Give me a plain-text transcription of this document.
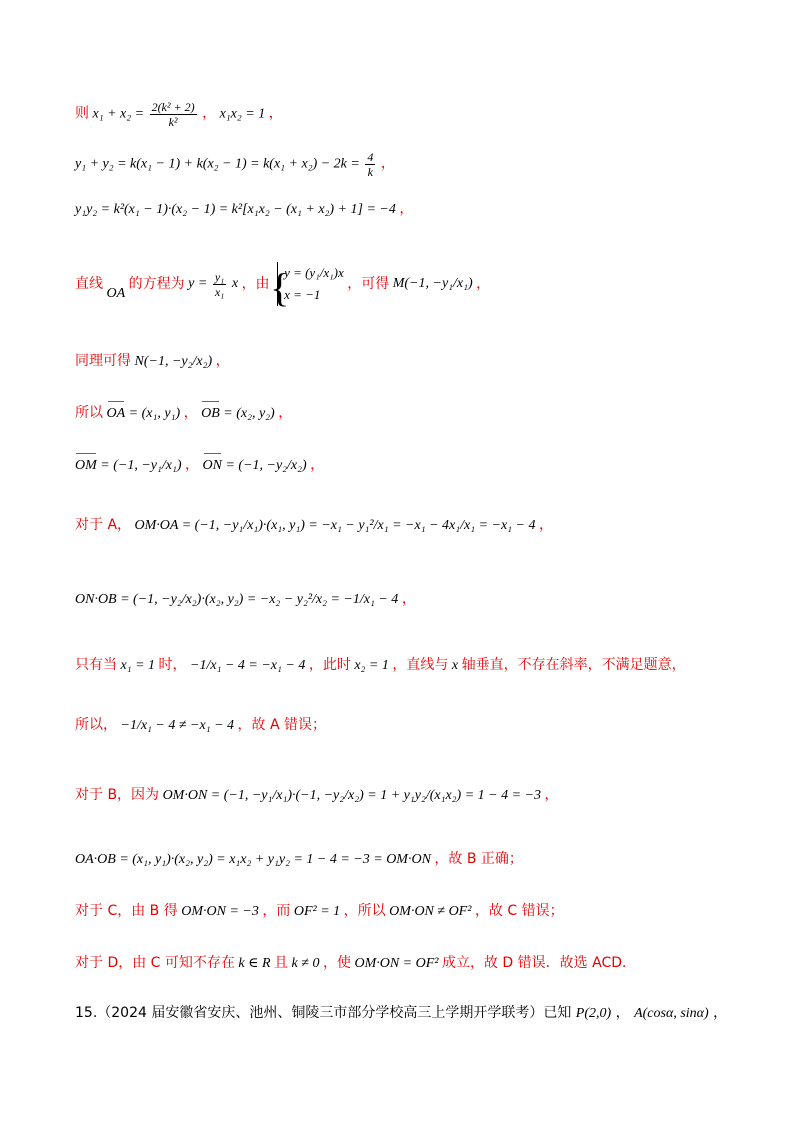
则 $x_1 + x_2 = \frac{\text{2(k² + 2)}}{\text{k²}}$ ， x₁x₂ = 1 ，
$y_1 + y_2 = k(x_1 - 1) + k(x_2 - 1) = k(x_1 + x_2) - 2k = \frac{4}{k}$ ，
y₁y₂ = k²(x₁ − 1)·(x₂ − 1) = k²[x₁x₂ − (x₁ + x₂) + 1] = −4 ，
直线 OA 的方程为 $y = \frac{\text{y₁}}{\text{x₁}}$ x ，由
{ y = (y₁/x₁)x
x = −1
，可得 M(−1, −y₁/x₁) ，
同理可得 N(−1, −y₂/x₂) ，
所以 OA = (x₁, y₁) ， OB = (x₂, y₂) ，
OM = (−1, −y₁/x₁) ， ON = (−1, −y₂/x₂) ，
对于 A， OM·OA = (−1, −y₁/x₁)·(x₁, y₁) = −x₁ − y₁²/x₁ = −x₁ − 4x₁/x₁ = −x₁ − 4 ，
ON·OB = (−1, −y₂/x₂)·(x₂, y₂) = −x₂ − y₂²/x₂ = −1/x₁ − 4 ，
只有当 x₁ = 1 时， −1/x₁ − 4 = −x₁ − 4 ，此时 x₂ = 1 ，直线与 x 轴垂直，不存在斜率，不满足题意，
所以， −1/x₁ − 4 ≠ −x₁ − 4 ，故 A 错误；
对于 B，因为 OM·ON = (−1, −y₁/x₁)·(−1, −y₂/x₂) = 1 + y₁y₂/(x₁x₂) = 1 − 4 = −3 ，
OA·OB = (x₁, y₁)·(x₂, y₂) = x₁x₂ + y₁y₂ = 1 − 4 = −3 = OM·ON ，故 B 正确；
对于 C，由 B 得 OM·ON = −3 ，而 OF² = 1 ，所以 OM·ON ≠ OF² ，故 C 错误；
对于 D，由 C 可知不存在 k ∈ R 且 k ≠ 0 ，使 OM·ON = OF² 成立，故 D 错误．故选 ACD．
15.（2024 届安徽省安庆、池州、铜陵三市部分学校高三上学期开学联考）已知 P(2,0) ， A(cosα, sinα) ，
